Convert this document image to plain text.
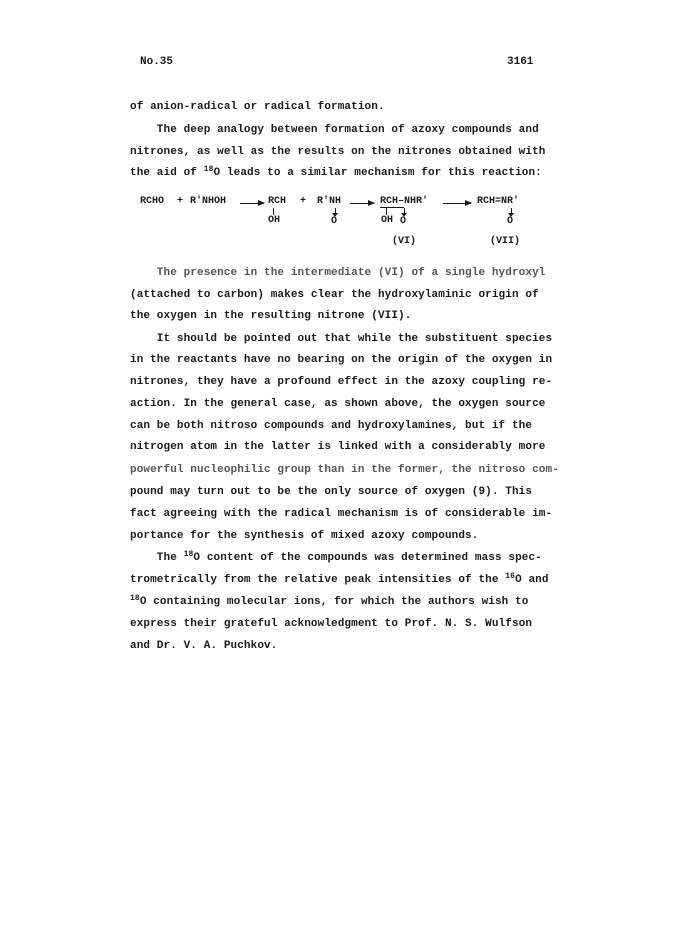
No.35	3161
of anion-radical or radical formation.
The deep analogy between formation of azoxy compounds and
nitrones, as well as the results on the nitrones obtained with
the aid of $^{18}$O leads to a similar mechanism for this reaction:
RCHO + R′NHOH → RCH
OH
+ R′NH
O
→ RCH–NHR′
OH O
(VI)
→ RCH=NR′
O
(VII)
The presence in the intermediate (VI) of a single hydroxyl
(attached to carbon) makes clear the hydroxylaminic origin of
the oxygen in the resulting nitrone (VII).
It should be pointed out that while the substituent species
in the reactants have no bearing on the origin of the oxygen in
nitrones, they have a profound effect in the azoxy coupling re-
action. In the general case, as shown above, the oxygen source
can be both nitroso compounds and hydroxylamines, but if the
nitrogen atom in the latter is linked with a considerably more
powerful nucleophilic group than in the former, the nitroso com-
pound may turn out to be the only source of oxygen (9). This
fact agreeing with the radical mechanism is of considerable im-
portance for the synthesis of mixed azoxy compounds.
The $^{18}$O content of the compounds was determined mass spec-
trometrically from the relative peak intensities of the $^{16}$O and
$^{18}$O containing molecular ions, for which the authors wish to
express their grateful acknowledgment to Prof. N. S. Wulfson
and Dr. V. A. Puchkov.
